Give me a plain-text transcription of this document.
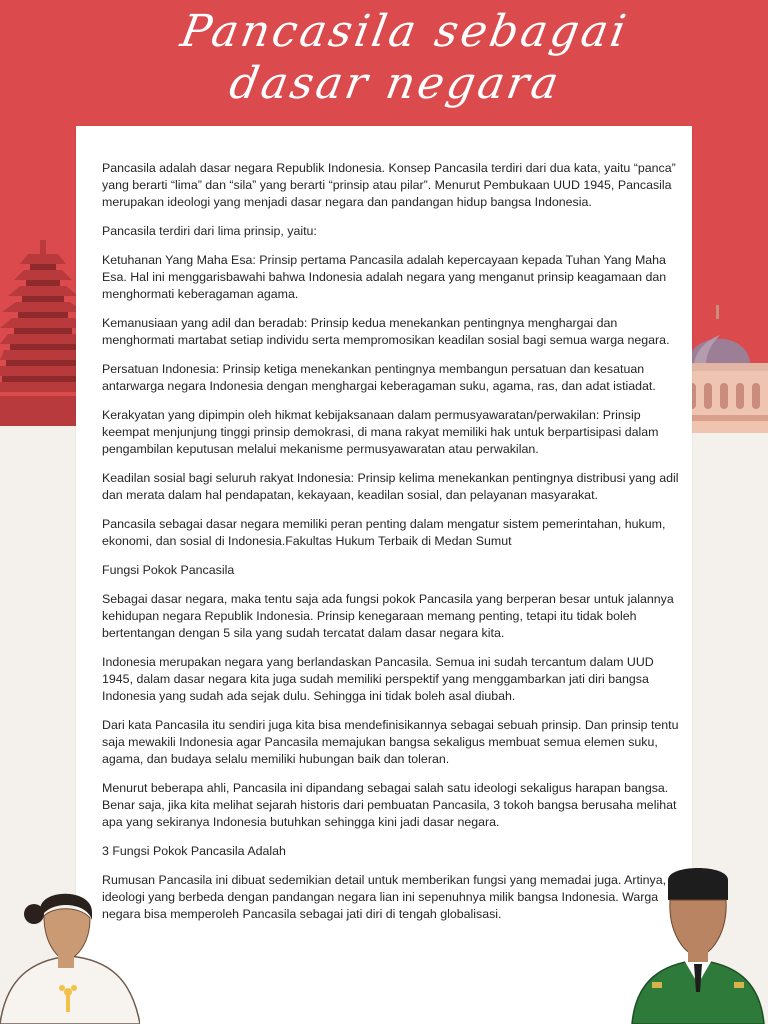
Pancasila sebagai
dasar negara

Pancasila adalah dasar negara Republik Indonesia. Konsep Pancasila terdiri dari dua kata, yaitu “panca” yang berarti “lima” dan “sila” yang berarti “prinsip atau pilar”. Menurut Pembukaan UUD 1945, Pancasila merupakan ideologi yang menjadi dasar negara dan pandangan hidup bangsa Indonesia.

Pancasila terdiri dari lima prinsip, yaitu:

Ketuhanan Yang Maha Esa: Prinsip pertama Pancasila adalah kepercayaan kepada Tuhan Yang Maha Esa. Hal ini menggarisbawahi bahwa Indonesia adalah negara yang menganut prinsip keagamaan dan menghormati keberagaman agama.

Kemanusiaan yang adil dan beradab: Prinsip kedua menekankan pentingnya menghargai dan menghormati martabat setiap individu serta mempromosikan keadilan sosial bagi semua warga negara.

Persatuan Indonesia: Prinsip ketiga menekankan pentingnya membangun persatuan dan kesatuan antarwarga negara Indonesia dengan menghargai keberagaman suku, agama, ras, dan adat istiadat.

Kerakyatan yang dipimpin oleh hikmat kebijaksanaan dalam permusyawaratan/perwakilan: Prinsip keempat menjunjung tinggi prinsip demokrasi, di mana rakyat memiliki hak untuk berpartisipasi dalam pengambilan keputusan melalui mekanisme permusyawaratan atau perwakilan.

Keadilan sosial bagi seluruh rakyat Indonesia: Prinsip kelima menekankan pentingnya distribusi yang adil dan merata dalam hal pendapatan, kekayaan, keadilan sosial, dan pelayanan masyarakat.

Pancasila sebagai dasar negara memiliki peran penting dalam mengatur sistem pemerintahan, hukum, ekonomi, dan sosial di Indonesia.Fakultas Hukum Terbaik di Medan Sumut

Fungsi Pokok Pancasila

Sebagai dasar negara, maka tentu saja ada fungsi pokok Pancasila yang berperan besar untuk jalannya kehidupan negara Republik Indonesia. Prinsip kenegaraan memang penting, tetapi itu tidak boleh bertentangan dengan 5 sila yang sudah tercatat dalam dasar negara kita.

Indonesia merupakan negara yang berlandaskan Pancasila. Semua ini sudah tercantum dalam UUD 1945, dalam dasar negara kita juga sudah memiliki perspektif yang menggambarkan jati diri bangsa Indonesia yang sudah ada sejak dulu. Sehingga ini tidak boleh asal diubah.

Dari kata Pancasila itu sendiri juga kita bisa mendefinisikannya sebagai sebuah prinsip. Dan prinsip tentu saja mewakili Indonesia agar Pancasila memajukan bangsa sekaligus membuat semua elemen suku, agama, dan budaya selalu memiliki hubungan baik dan toleran.

Menurut beberapa ahli, Pancasila ini dipandang sebagai salah satu ideologi sekaligus harapan bangsa. Benar saja, jika kita melihat sejarah historis dari pembuatan Pancasila, 3 tokoh bangsa berusaha melihat apa yang sekiranya Indonesia butuhkan sehingga kini jadi dasar negara.

3 Fungsi Pokok Pancasila Adalah

Rumusan Pancasila ini dibuat sedemikian detail untuk memberikan fungsi yang memadai juga. Artinya, ideologi yang berbeda dengan pandangan negara lian ini sepenuhnya milik bangsa Indonesia. Warga negara bisa memperoleh Pancasila sebagai jati diri di tengah globalisasi.
